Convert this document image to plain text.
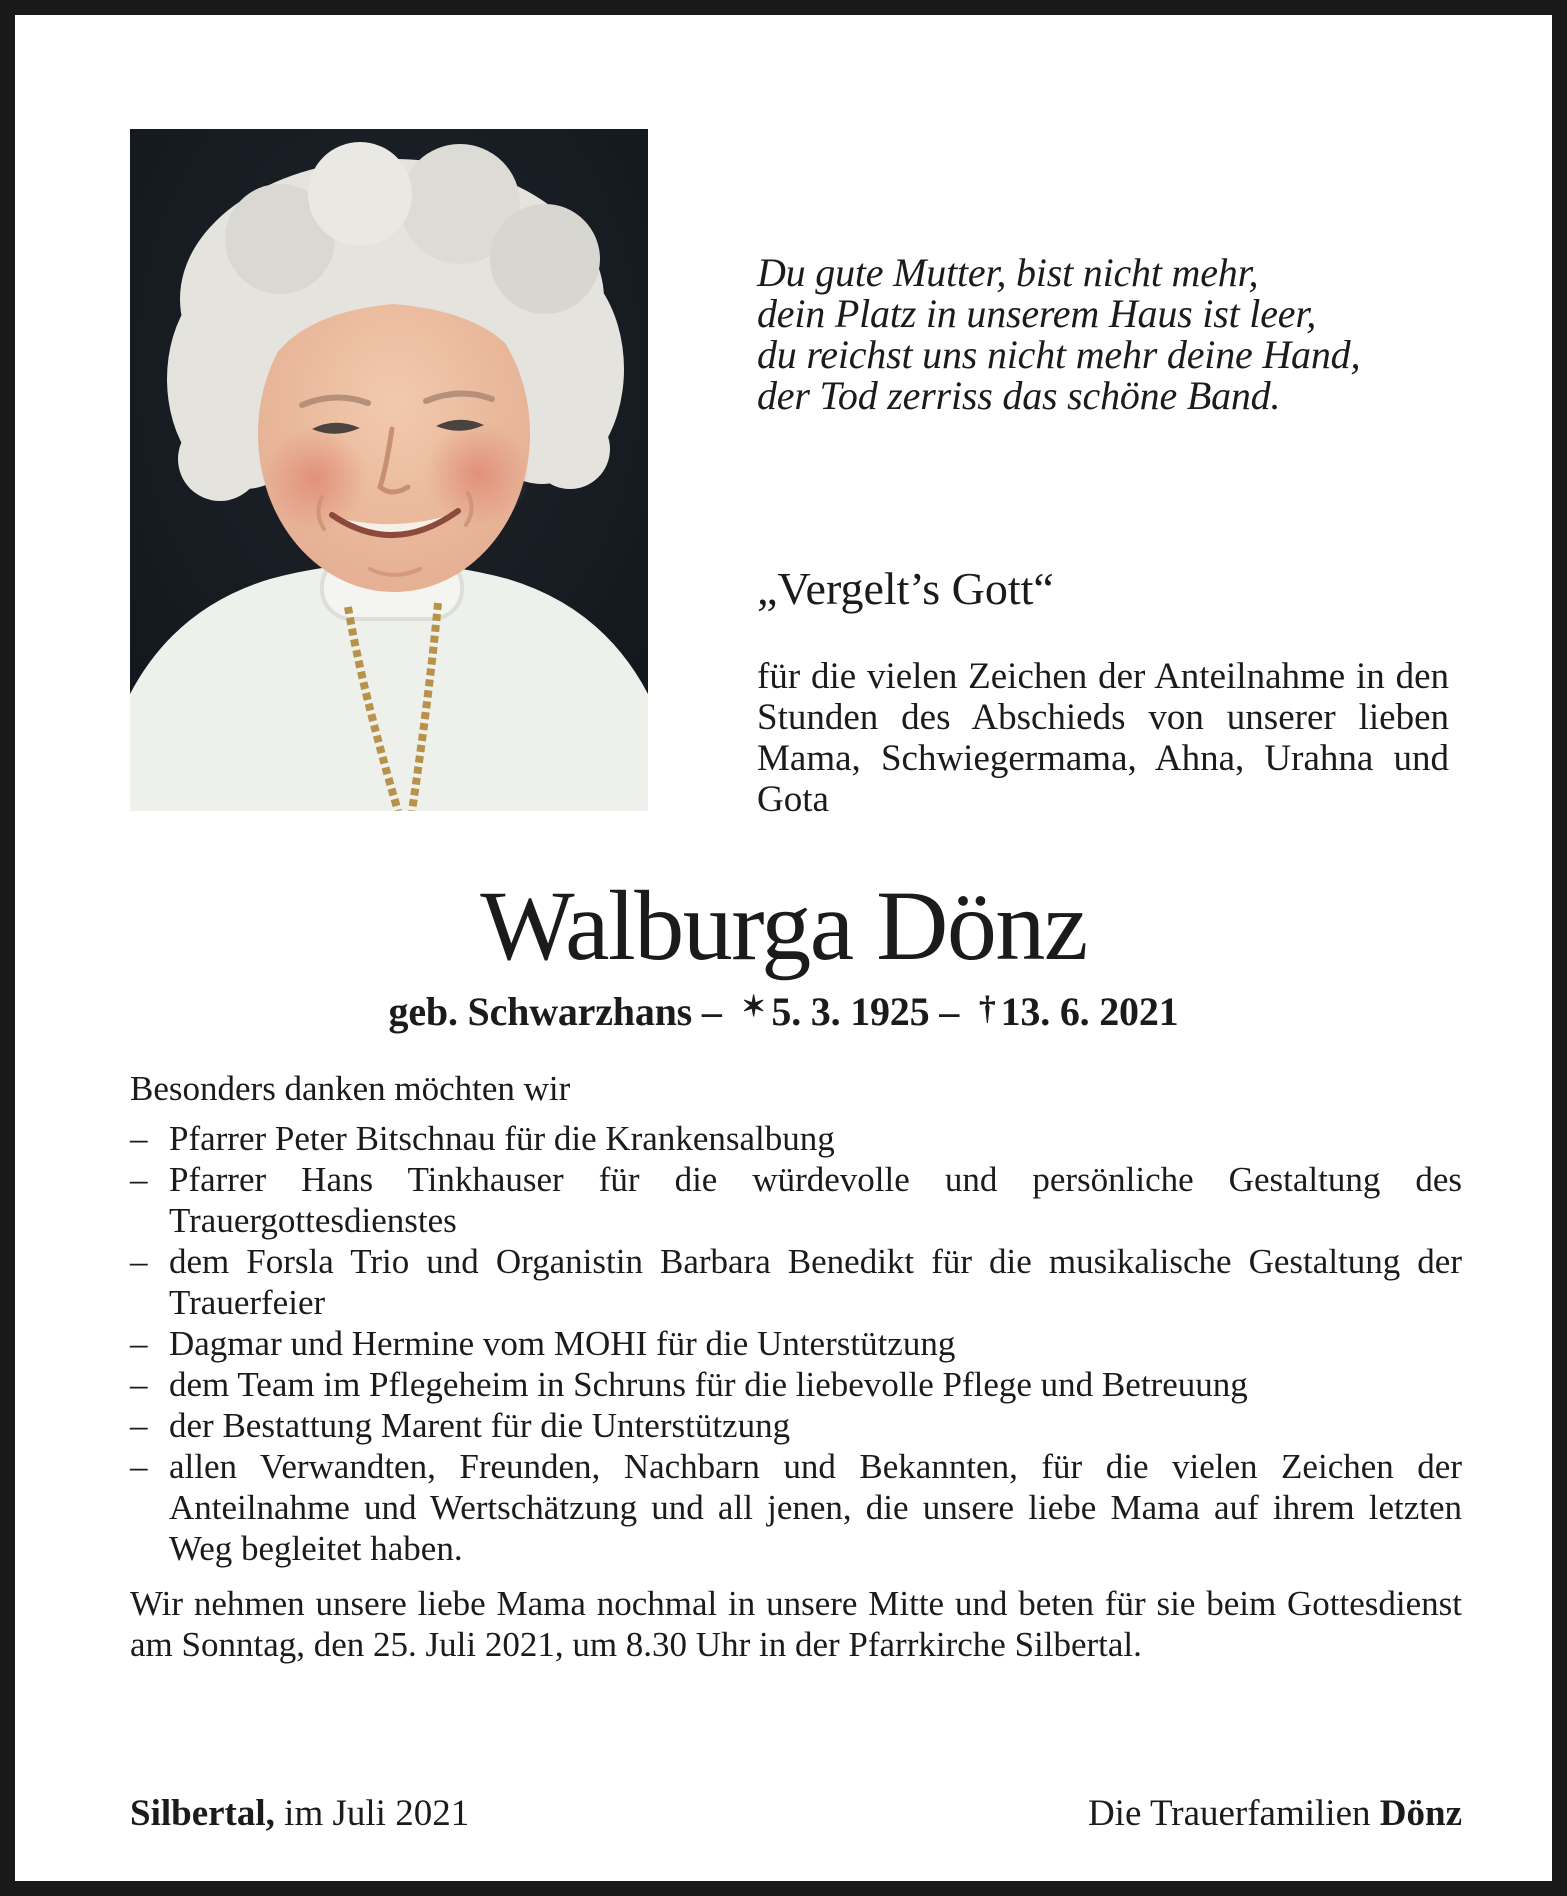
Du gute Mutter, bist nicht mehr,
dein Platz in unserem Haus ist leer,
du reichst uns nicht mehr deine Hand,
der Tod zerriss das schöne Band.
„Vergelt’s Gott“
für die vielen Zeichen der Anteilnahme in den Stunden des Abschieds von unserer lieben Mama, Schwiegermama, Ahna, Urahna und Gota
Walburga Dönz
geb. Schwarzhans – ✶ 5. 3. 1925 – † 13. 6. 2021
Besonders danken möchten wir
– Pfarrer Peter Bitschnau für die Krankensalbung
– Pfarrer Hans Tinkhauser für die würdevolle und persönliche Gestaltung des Trauergottesdienstes
– dem Forsla Trio und Organistin Barbara Benedikt für die musikalische Gestaltung der Trauerfeier
– Dagmar und Hermine vom MOHI für die Unterstützung
– dem Team im Pflegeheim in Schruns für die liebevolle Pflege und Betreuung
– der Bestattung Marent für die Unterstützung
– allen Verwandten, Freunden, Nachbarn und Bekannten, für die vielen Zeichen der Anteilnahme und Wertschätzung und all jenen, die unsere liebe Mama auf ihrem letzten Weg begleitet haben.
Wir nehmen unsere liebe Mama nochmal in unsere Mitte und beten für sie beim Gottesdienst am Sonntag, den 25. Juli 2021, um 8.30 Uhr in der Pfarrkirche Silbertal.
Silbertal, im Juli 2021	Die Trauerfamilien Dönz
